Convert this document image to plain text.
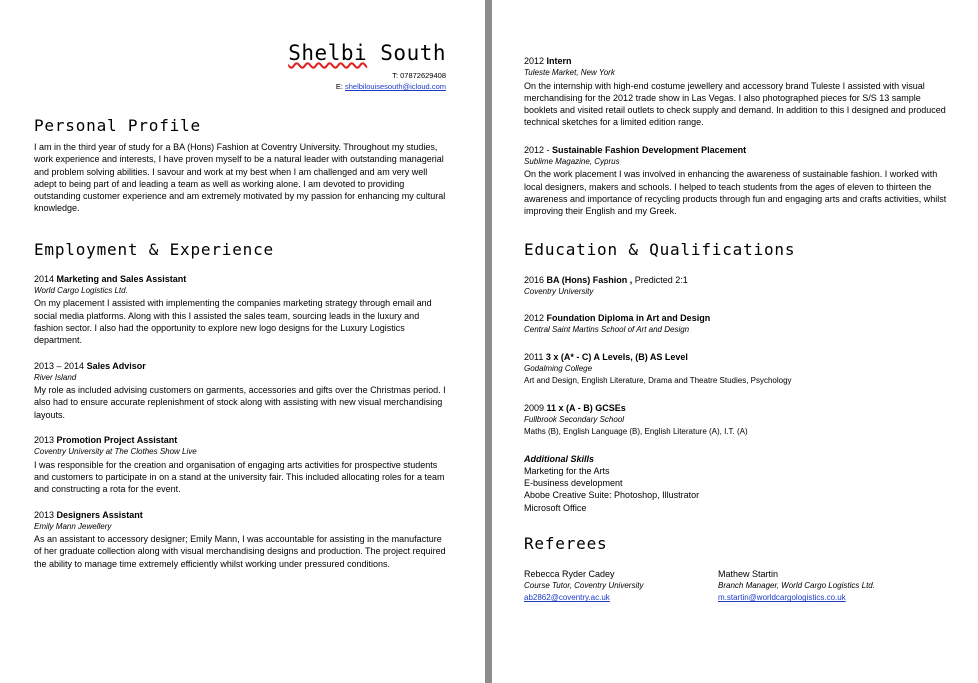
Shelbi South
T: 07872629408
E: shelbilouisesouth@icloud.com
Personal Profile

I am in the third year of study for a BA (Hons) Fashion at Coventry University. Throughout my studies, work experience and interests, I have proven myself to be a natural leader with outstanding managerial and problem solving abilities. I savour and work at my best when I am challenged and am very well adept to being part of and leading a team as well as working alone. I am devoted to providing outstanding customer experience and am extremely motivated by my passion for enhancing my cultural knowledge.

Employment & Experience

2014 Marketing and Sales Assistant

World Cargo Logistics Ltd.

On my placement I assisted with implementing the companies marketing strategy through email and social media platforms. Along with this I assisted the sales team, sourcing leads in the luxury and fashion sector. I also had the opportunity to explore new logo designs for the Luxury Logistics department.

2013 – 2014 Sales Advisor

River Island

My role as included advising customers on garments, accessories and gifts over the Christmas period. I also had to ensure accurate replenishment of stock along with assisting with new visual merchandising layouts.

2013 Promotion Project Assistant

Coventry University at The Clothes Show Live

I was responsible for the creation and organisation of engaging arts activities for prospective students and customers to participate in on a stand at the university fair. This included allocating roles for a team and constructing a rota for the event.

2013 Designers Assistant

Emily Mann Jewellery

As an assistant to accessory designer; Emily Mann, I was accountable for assisting in the manufacture of her graduate collection along with visual merchandising designs and production. The project required the ability to manage time extremely efficiently whilst working under pressured conditions.

2012 Intern

Tuleste Market, New York

On the internship with high-end costume jewellery and accessory brand Tuleste I assisted with visual merchandising for the 2012 trade show in Las Vegas. I also photographed pieces for S/S 13 sample booklets and visited retail outlets to check supply and demand. In addition to this I designed and produced technical sketches for a limited edition range.

2012 - Sustainable Fashion Development Placement

Sublime Magazine, Cyprus

On the work placement I was involved in enhancing the awareness of sustainable fashion. I worked with local designers, makers and schools. I helped to teach students from the ages of eleven to thirteen the awareness and importance of recycling products through fun and engaging arts and crafts activities, whilst improving their English and my Greek.

Education & Qualifications

2016 BA (Hons) Fashion , Predicted 2:1

Coventry University

2012 Foundation Diploma in Art and Design

Central Saint Martins School of Art and Design

2011 3 x (A* - C) A Levels, (B) AS Level

Godalming College

Art and Design, English Literature, Drama and Theatre Studies, Psychology

2009 11 x (A - B) GCSEs

Fullbrook Secondary School

Maths (B), English Language (B), English Literature (A), I.T. (A)

Additional Skills

Marketing for the Arts

E-business development

Abobe Creative Suite: Photoshop, Illustrator

Microsoft Office

Referees

Rebecca Ryder Cadey

Course Tutor, Coventry University

ab2862@coventry.ac.uk

Mathew Startin

Branch Manager, World Cargo Logistics Ltd.

m.startin@worldcargologistics.co.uk
